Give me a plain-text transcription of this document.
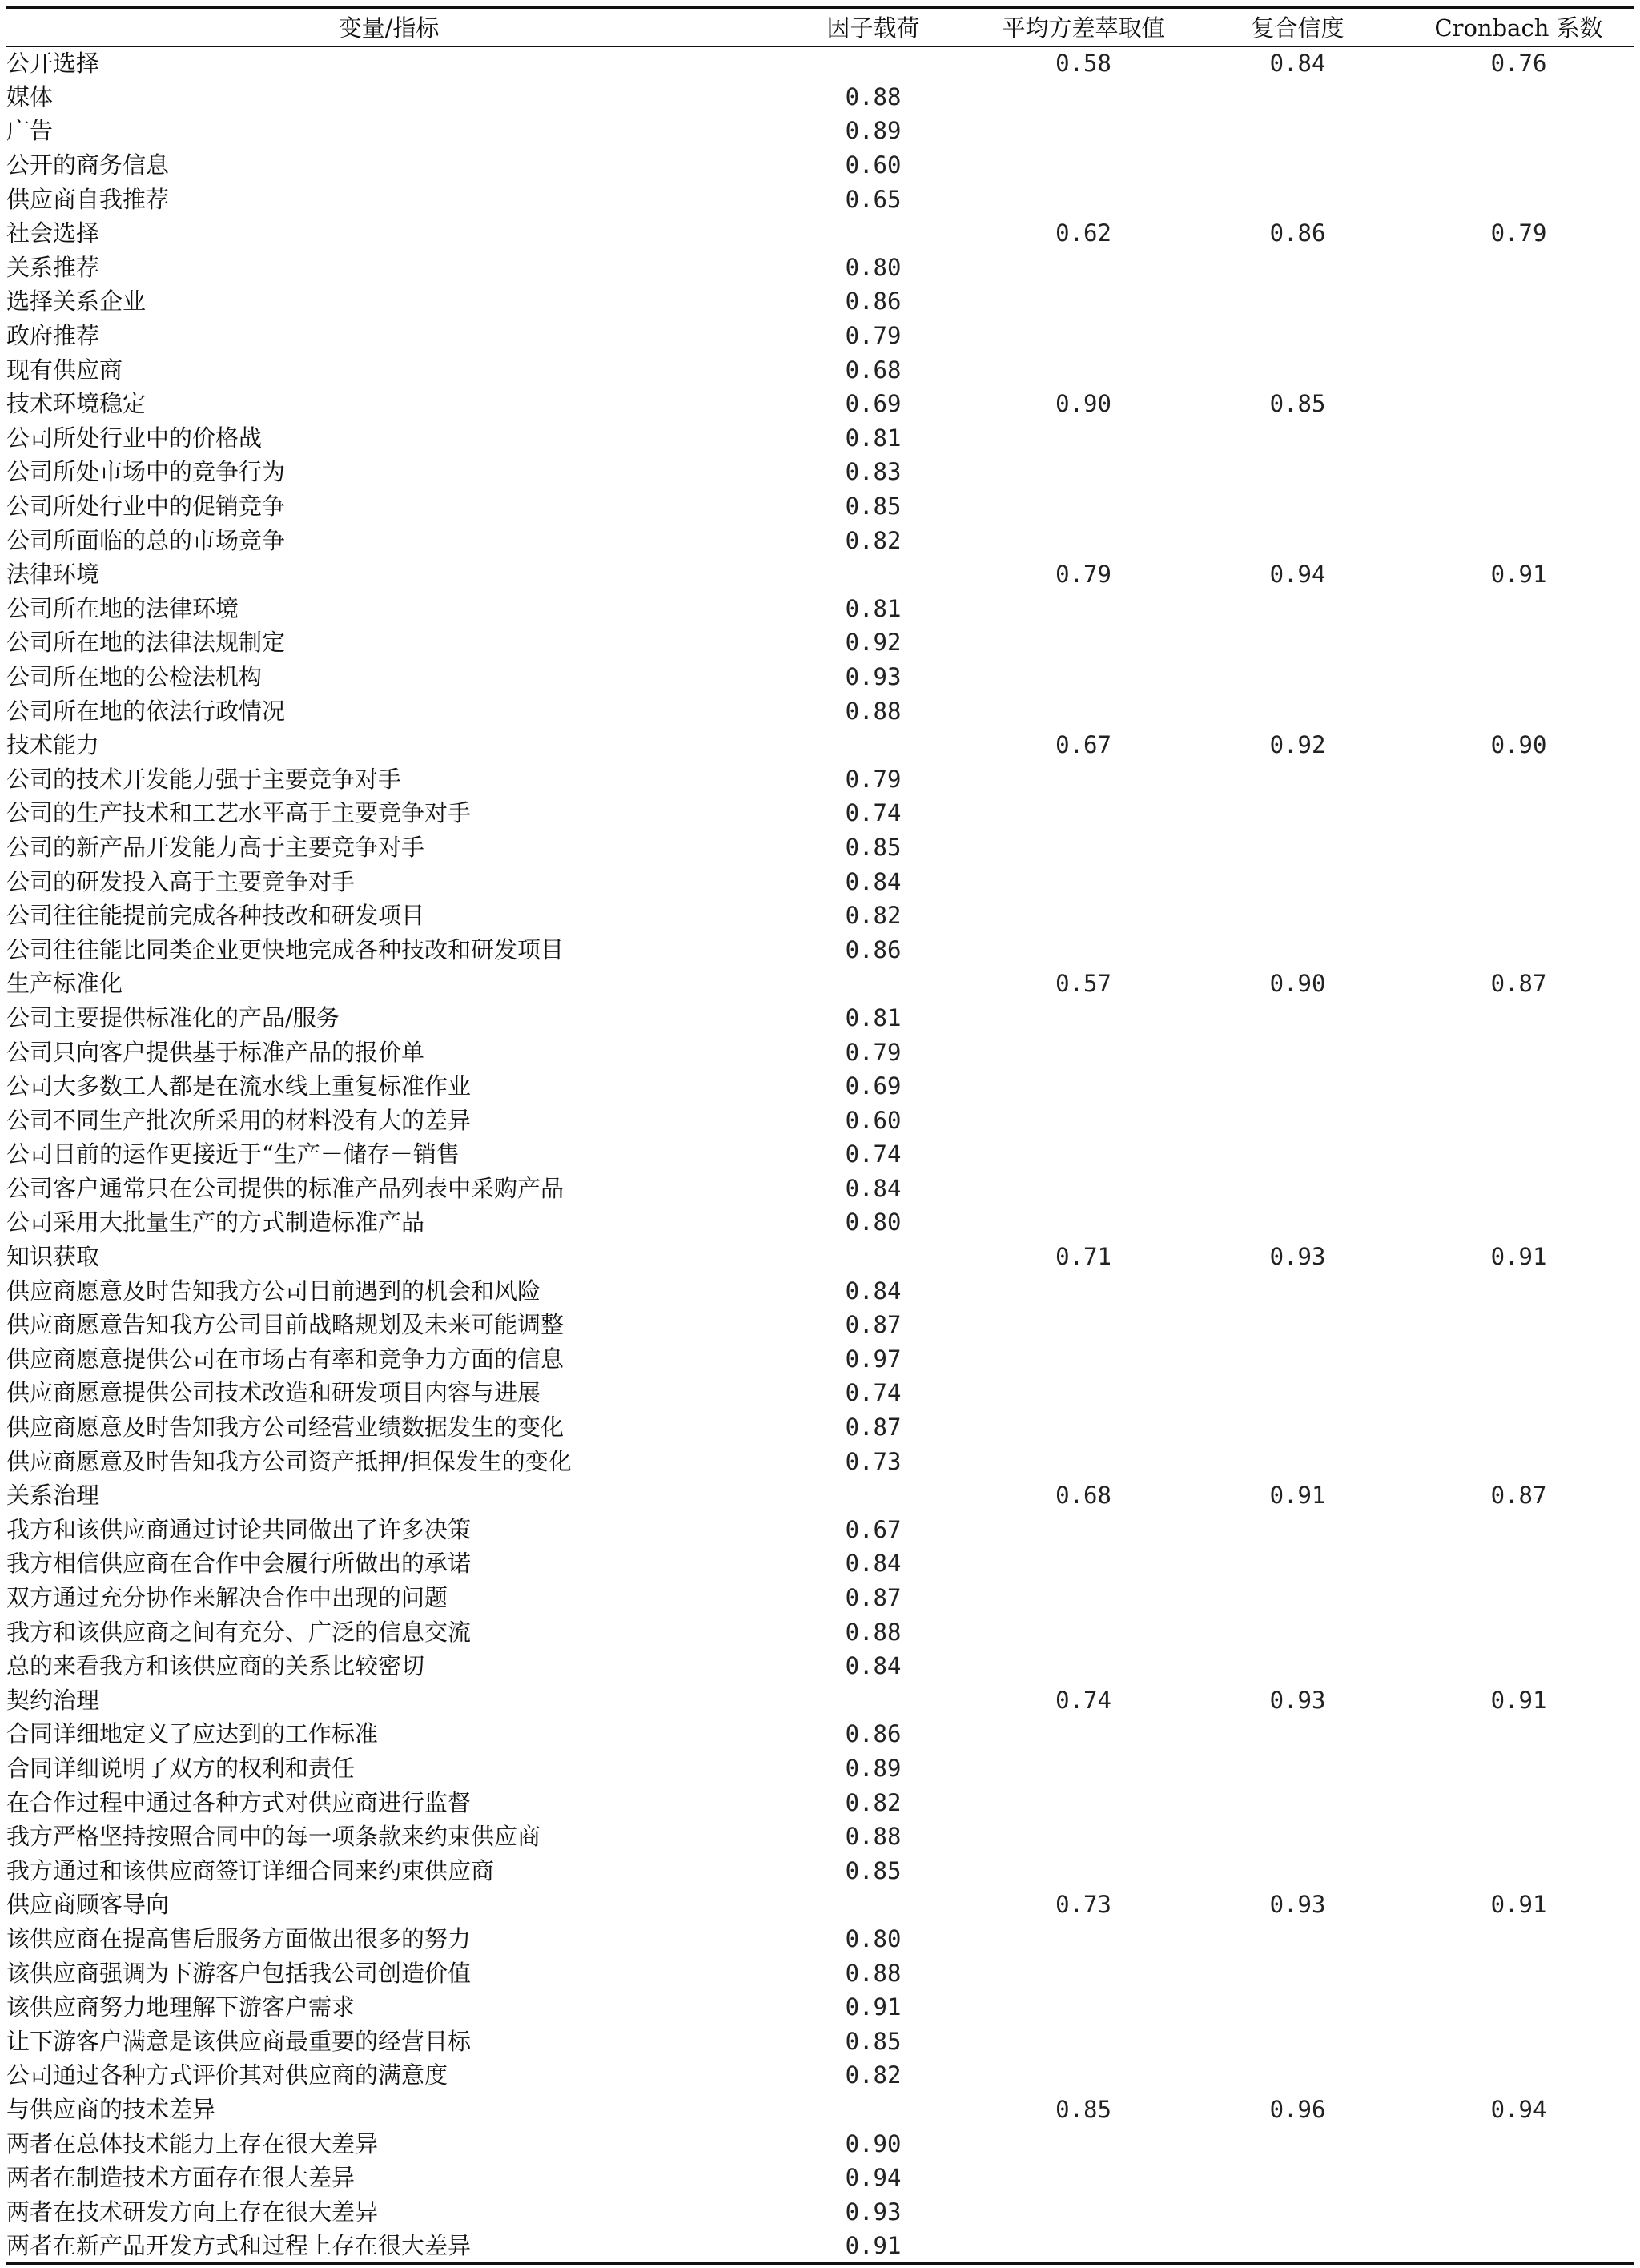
变量/指标	因子载荷	平均方差萃取值	复合信度	Cronbach 系数
公开选择		0.58	0.84	0.76
媒体	0.88			
广告	0.89			
公开的商务信息	0.60			
供应商自我推荐	0.65			
社会选择		0.62	0.86	0.79
关系推荐	0.80			
选择关系企业	0.86			
政府推荐	0.79			
现有供应商	0.68			
技术环境稳定	0.69	0.90	0.85	
公司所处行业中的价格战	0.81			
公司所处市场中的竞争行为	0.83			
公司所处行业中的促销竞争	0.85			
公司所面临的总的市场竞争	0.82			
法律环境		0.79	0.94	0.91
公司所在地的法律环境	0.81			
公司所在地的法律法规制定	0.92			
公司所在地的公检法机构	0.93			
公司所在地的依法行政情况	0.88			
技术能力		0.67	0.92	0.90
公司的技术开发能力强于主要竞争对手	0.79			
公司的生产技术和工艺水平高于主要竞争对手	0.74			
公司的新产品开发能力高于主要竞争对手	0.85			
公司的研发投入高于主要竞争对手	0.84			
公司往往能提前完成各种技改和研发项目	0.82			
公司往往能比同类企业更快地完成各种技改和研发项目	0.86			
生产标准化		0.57	0.90	0.87
公司主要提供标准化的产品/服务	0.81			
公司只向客户提供基于标准产品的报价单	0.79			
公司大多数工人都是在流水线上重复标准作业	0.69			
公司不同生产批次所采用的材料没有大的差异	0.60			
公司目前的运作更接近于“生产－储存－销售	0.74			
公司客户通常只在公司提供的标准产品列表中采购产品	0.84			
公司采用大批量生产的方式制造标准产品	0.80			
知识获取		0.71	0.93	0.91
供应商愿意及时告知我方公司目前遇到的机会和风险	0.84			
供应商愿意告知我方公司目前战略规划及未来可能调整	0.87			
供应商愿意提供公司在市场占有率和竞争力方面的信息	0.97			
供应商愿意提供公司技术改造和研发项目内容与进展	0.74			
供应商愿意及时告知我方公司经营业绩数据发生的变化	0.87			
供应商愿意及时告知我方公司资产抵押/担保发生的变化	0.73			
关系治理		0.68	0.91	0.87
我方和该供应商通过讨论共同做出了许多决策	0.67			
我方相信供应商在合作中会履行所做出的承诺	0.84			
双方通过充分协作来解决合作中出现的问题	0.87			
我方和该供应商之间有充分、广泛的信息交流	0.88			
总的来看我方和该供应商的关系比较密切	0.84			
契约治理		0.74	0.93	0.91
合同详细地定义了应达到的工作标准	0.86			
合同详细说明了双方的权利和责任	0.89			
在合作过程中通过各种方式对供应商进行监督	0.82			
我方严格坚持按照合同中的每一项条款来约束供应商	0.88			
我方通过和该供应商签订详细合同来约束供应商	0.85			
供应商顾客导向		0.73	0.93	0.91
该供应商在提高售后服务方面做出很多的努力	0.80			
该供应商强调为下游客户包括我公司创造价值	0.88			
该供应商努力地理解下游客户需求	0.91			
让下游客户满意是该供应商最重要的经营目标	0.85			
公司通过各种方式评价其对供应商的满意度	0.82			
与供应商的技术差异		0.85	0.96	0.94
两者在总体技术能力上存在很大差异	0.90			
两者在制造技术方面存在很大差异	0.94			
两者在技术研发方向上存在很大差异	0.93			
两者在新产品开发方式和过程上存在很大差异	0.91			
